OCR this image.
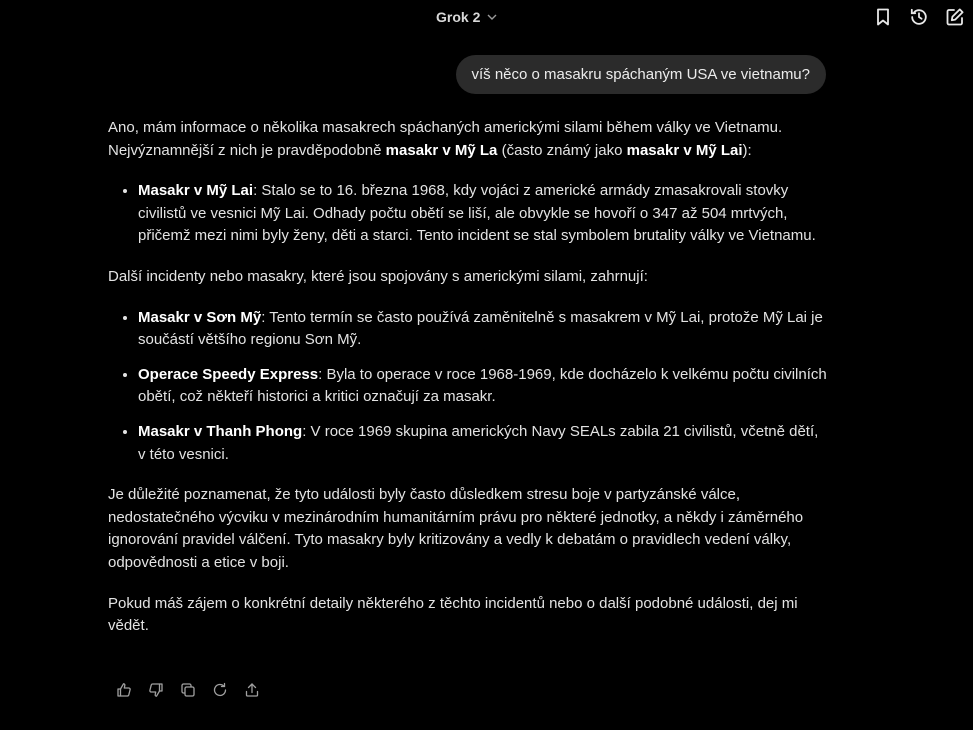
Grok 2
víš něco o masakru spáchaným USA ve vietnamu?

Ano, mám informace o několika masakrech spáchaných americkými silami během války ve Vietnamu. Nejvýznamnější z nich je pravděpodobně masakr v Mỹ La (často známý jako masakr v Mỹ Lai):

• Masakr v Mỹ Lai: Stalo se to 16. března 1968, kdy vojáci z americké armády zmasakrovali stovky civilistů ve vesnici Mỹ Lai. Odhady počtu obětí se liší, ale obvykle se hovoří o 347 až 504 mrtvých, přičemž mezi nimi byly ženy, děti a starci. Tento incident se stal symbolem brutality války ve Vietnamu.

Další incidenty nebo masakry, které jsou spojovány s americkými silami, zahrnují:

• Masakr v Sơn Mỹ: Tento termín se často používá zaměnitelně s masakrem v Mỹ Lai, protože Mỹ Lai je součástí většího regionu Sơn Mỹ.
• Operace Speedy Express: Byla to operace v roce 1968-1969, kde docházelo k velkému počtu civilních obětí, což někteří historici a kritici označují za masakr.
• Masakr v Thanh Phong: V roce 1969 skupina amerických Navy SEALs zabila 21 civilistů, včetně dětí, v této vesnici.

Je důležité poznamenat, že tyto události byly často důsledkem stresu boje v partyzánské válce, nedostatečného výcviku v mezinárodním humanitárním právu pro některé jednotky, a někdy i záměrného ignorování pravidel válčení. Tyto masakry byly kritizovány a vedly k debatám o pravidlech vedení války, odpovědnosti a etice v boji.

Pokud máš zájem o konkrétní detaily některého z těchto incidentů nebo o další podobné události, dej mi vědět.
